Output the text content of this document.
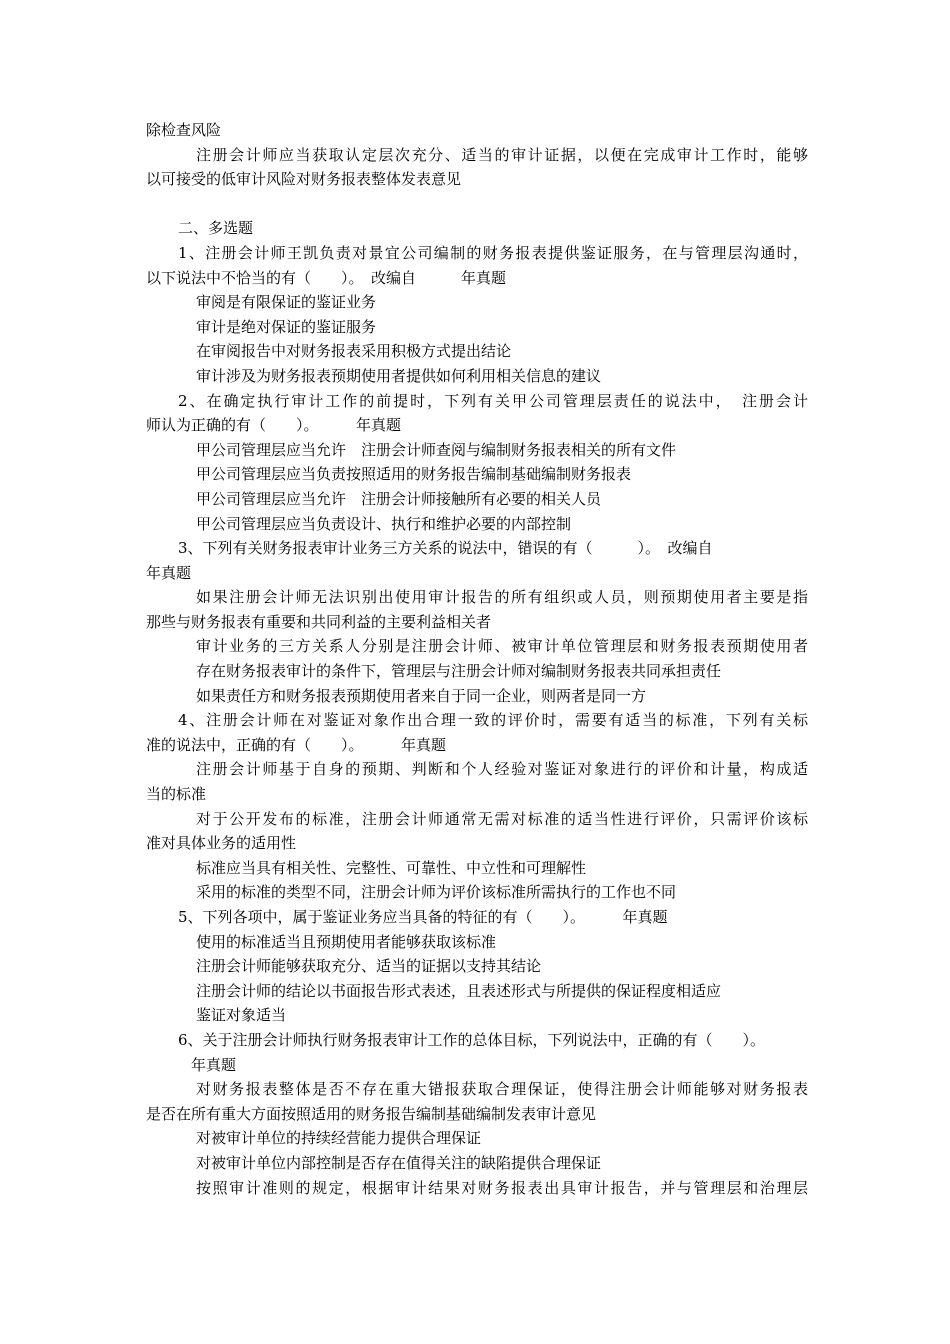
除检查风险
注册会计师应当获取认定层次充分、适当的审计证据，以便在完成审计工作时，能够
以可接受的低审计风险对财务报表整体发表意见
二、多选题
1、注册会计师王凯负责对景宜公司编制的财务报表提供鉴证服务，在与管理层沟通时，
以下说法中不恰当的有（　　）。　改编自　　　年真题
审阅是有限保证的鉴证业务
审计是绝对保证的鉴证服务
在审阅报告中对财务报表采用积极方式提出结论
审计涉及为财务报表预期使用者提供如何利用相关信息的建议
2、在确定执行审计工作的前提时，下列有关甲公司管理层责任的说法中，　注册会计
师认为正确的有（　　）。　　　年真题
甲公司管理层应当允许　注册会计师查阅与编制财务报表相关的所有文件
甲公司管理层应当负责按照适用的财务报告编制基础编制财务报表
甲公司管理层应当允许　注册会计师接触所有必要的相关人员
甲公司管理层应当负责设计、执行和维护必要的内部控制
3、下列有关财务报表审计业务三方关系的说法中，错误的有（　　　）。　改编自
年真题
如果注册会计师无法识别出使用审计报告的所有组织或人员，则预期使用者主要是指
那些与财务报表有重要和共同利益的主要利益相关者
审计业务的三方关系人分别是注册会计师、被审计单位管理层和财务报表预期使用者
存在财务报表审计的条件下，管理层与注册会计师对编制财务报表共同承担责任
如果责任方和财务报表预期使用者来自于同一企业，则两者是同一方
4、注册会计师在对鉴证对象作出合理一致的评价时，需要有适当的标准，下列有关标
准的说法中，正确的有（　　）。　　　年真题
注册会计师基于自身的预期、判断和个人经验对鉴证对象进行的评价和计量，构成适
当的标准
对于公开发布的标准，注册会计师通常无需对标准的适当性进行评价，只需评价该标
准对具体业务的适用性
标准应当具有相关性、完整性、可靠性、中立性和可理解性
采用的标准的类型不同，注册会计师为评价该标准所需执行的工作也不同
5、下列各项中，属于鉴证业务应当具备的特征的有（　　）。　　　年真题
使用的标准适当且预期使用者能够获取该标准
注册会计师能够获取充分、适当的证据以支持其结论
注册会计师的结论以书面报告形式表述，且表述形式与所提供的保证程度相适应
鉴证对象适当
6、关于注册会计师执行财务报表审计工作的总体目标，下列说法中，正确的有（　　）。
年真题
对财务报表整体是否不存在重大错报获取合理保证，使得注册会计师能够对财务报表
是否在所有重大方面按照适用的财务报告编制基础编制发表审计意见
对被审计单位的持续经营能力提供合理保证
对被审计单位内部控制是否存在值得关注的缺陷提供合理保证
按照审计准则的规定，根据审计结果对财务报表出具审计报告，并与管理层和治理层
